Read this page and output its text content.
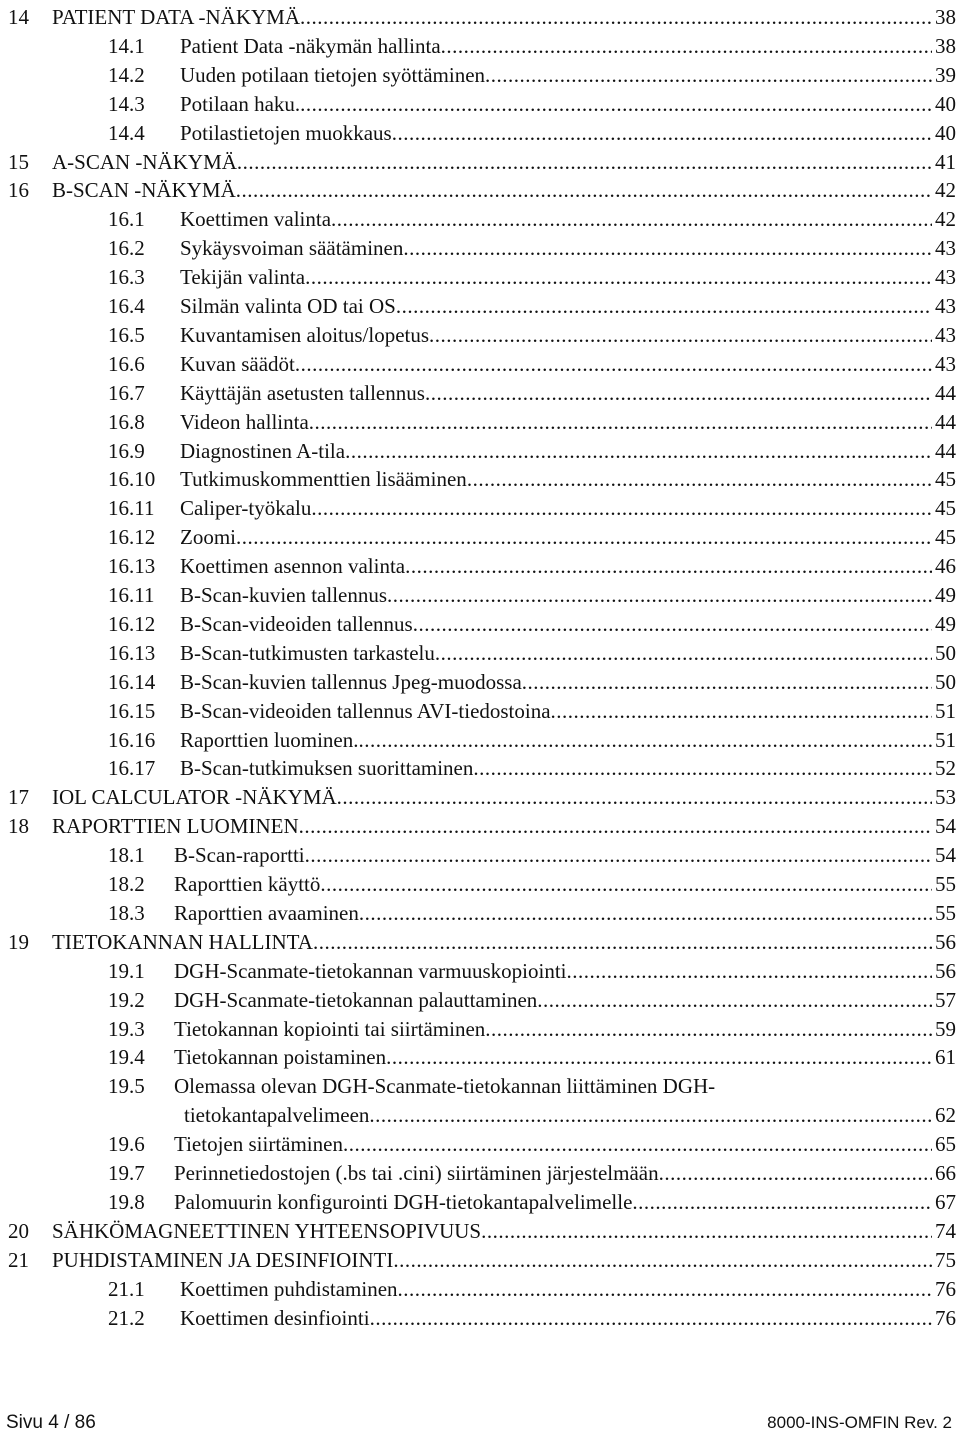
14 PATIENT DATA -NÄKYMÄ .....	38
14.1 Patient Data -näkymän hallinta .....	38
14.2 Uuden potilaan tietojen syöttäminen .....	39
14.3 Potilaan haku. .....	40
14.4 Potilastietojen muokkaus .....	40
15 A-SCAN -NÄKYMÄ .....	41
16 B-SCAN -NÄKYMÄ .....	42
16.1 Koettimen valinta .....	42
16.2 Sykäysvoiman säätäminen .....	43
16.3 Tekijän valinta .....	43
16.4 Silmän valinta OD tai OS .....	43
16.5 Kuvantamisen aloitus/lopetus .....	43
16.6 Kuvan säädöt .....	43
16.7 Käyttäjän asetusten tallennus .....	44
16.8 Videon hallinta .....	44
16.9 Diagnostinen A-tila .....	44
16.10 Tutkimuskommenttien lisääminen .....	45
16.11 Caliper-työkalu .....	45
16.12 Zoomi .....	45
16.13 Koettimen asennon valinta .....	46
16.11 B-Scan-kuvien tallennus .....	49
16.12 B-Scan-videoiden tallennus .....	49
16.13 B-Scan-tutkimusten tarkastelu .....	50
16.14 B-Scan-kuvien tallennus Jpeg-muodossa .....	50
16.15 B-Scan-videoiden tallennus AVI-tiedostoina .....	51
16.16 Raporttien luominen. .....	51
16.17 B-Scan-tutkimuksen suorittaminen .....	52
17 IOL CALCULATOR -NÄKYMÄ .....	53
18 RAPORTTIEN LUOMINEN .....	54
18.1 B-Scan-raportti .....	54
18.2 Raporttien käyttö .....	55
18.3 Raporttien avaaminen .....	55
19 TIETOKANNAN HALLINTA .....	56
19.1 DGH-Scanmate-tietokannan varmuuskopiointi .....	56
19.2 DGH-Scanmate-tietokannan palauttaminen .....	57
19.3 Tietokannan kopiointi tai siirtäminen .....	59
19.4 Tietokannan poistaminen .....	61
19.5 Olemassa olevan DGH-Scanmate-tietokannan liittäminen DGH-
tietokantapalvelimeen .....	62
19.6 Tietojen siirtäminen .....	65
19.7 Perinnetiedostojen (.bs tai .cini) siirtäminen järjestelmään .....	66
19.8 Palomuurin konfigurointi DGH-tietokantapalvelimelle .....	67
20 SÄHKÖMAGNEETTINEN YHTEENSOPIVUUS .....	74
21 PUHDISTAMINEN JA DESINFIOINTI .....	75
21.1 Koettimen puhdistaminen .....	76
21.2 Koettimen desinfiointi .....	76
Sivu 4 / 86	8000-INS-OMFIN Rev. 2
